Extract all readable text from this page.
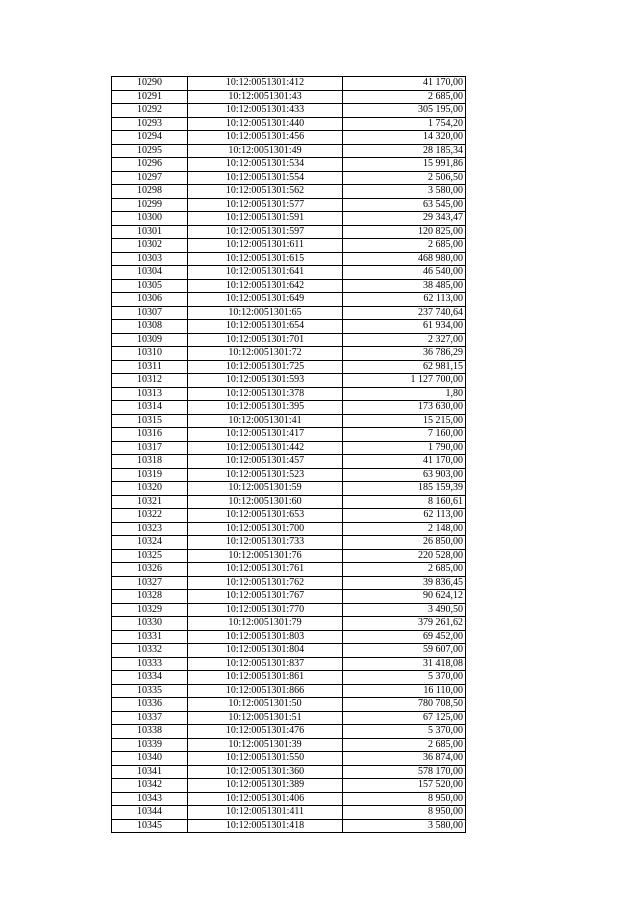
10290	10:12:0051301:412	41 170,00
10291	10:12:0051301:43	2 685,00
10292	10:12:0051301:433	305 195,00
10293	10:12:0051301:440	1 754,20
10294	10:12:0051301:456	14 320,00
10295	10:12:0051301:49	28 185,34
10296	10:12:0051301:534	15 991,86
10297	10:12:0051301:554	2 506,50
10298	10:12:0051301:562	3 580,00
10299	10:12:0051301:577	63 545,00
10300	10:12:0051301:591	29 343,47
10301	10:12:0051301:597	120 825,00
10302	10:12:0051301:611	2 685,00
10303	10:12:0051301:615	468 980,00
10304	10:12:0051301:641	46 540,00
10305	10:12:0051301:642	38 485,00
10306	10:12:0051301:649	62 113,00
10307	10:12:0051301:65	237 740,64
10308	10:12:0051301:654	61 934,00
10309	10:12:0051301:701	2 327,00
10310	10:12:0051301:72	36 786,29
10311	10:12:0051301:725	62 981,15
10312	10:12:0051301:593	1 127 700,00
10313	10:12:0051301:378	1,80
10314	10:12:0051301:395	173 630,00
10315	10:12:0051301:41	15 215,00
10316	10:12:0051301:417	7 160,00
10317	10:12:0051301:442	1 790,00
10318	10:12:0051301:457	41 170,00
10319	10:12:0051301:523	63 903,00
10320	10:12:0051301:59	185 159,39
10321	10:12:0051301:60	8 160,61
10322	10:12:0051301:653	62 113,00
10323	10:12:0051301:700	2 148,00
10324	10:12:0051301:733	26 850,00
10325	10:12:0051301:76	220 528,00
10326	10:12:0051301:761	2 685,00
10327	10:12:0051301:762	39 836,45
10328	10:12:0051301:767	90 624,12
10329	10:12:0051301:770	3 490,50
10330	10:12:0051301:79	379 261,62
10331	10:12:0051301:803	69 452,00
10332	10:12:0051301:804	59 607,00
10333	10:12:0051301:837	31 418,08
10334	10:12:0051301:861	5 370,00
10335	10:12:0051301:866	16 110,00
10336	10:12:0051301:50	780 708,50
10337	10:12:0051301:51	67 125,00
10338	10:12:0051301:476	5 370,00
10339	10:12:0051301:39	2 685,00
10340	10:12:0051301:550	36 874,00
10341	10:12:0051301:360	578 170,00
10342	10:12:0051301:389	157 520,00
10343	10:12:0051301:406	8 950,00
10344	10:12:0051301:411	8 950,00
10345	10:12:0051301:418	3 580,00
